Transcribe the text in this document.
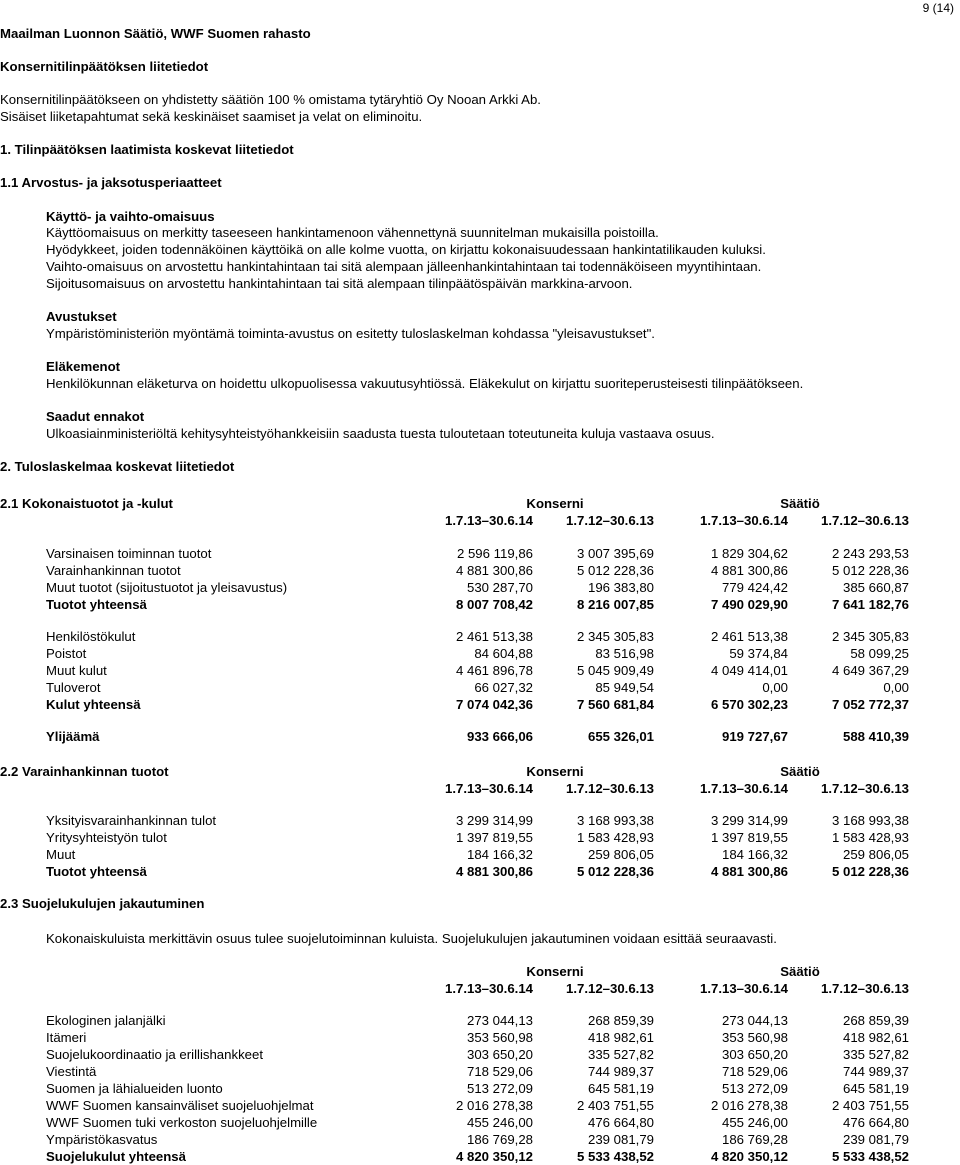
9 (14)
Maailman Luonnon Säätiö, WWF Suomen rahasto
Konsernitilinpäätöksen liitetiedot
Konsernitilinpäätökseen on yhdistetty säätiön 100 % omistama tytäryhtiö Oy Nooan Arkki Ab.
Sisäiset liiketapahtumat sekä keskinäiset saamiset ja velat on eliminoitu.
1. Tilinpäätöksen laatimista koskevat liitetiedot
1.1 Arvostus- ja jaksotusperiaatteet
Käyttö- ja vaihto-omaisuus
Käyttöomaisuus on merkitty taseeseen hankintamenoon vähennettynä suunnitelman mukaisilla poistoilla.
Hyödykkeet, joiden todennäköinen käyttöikä on alle kolme vuotta, on kirjattu kokonaisuudessaan hankintatilikauden kuluksi.
Vaihto-omaisuus on arvostettu hankintahintaan tai sitä alempaan jälleenhankintahintaan tai todennäköiseen myyntihintaan.
Sijoitusomaisuus on arvostettu hankintahintaan tai sitä alempaan tilinpäätöspäivän markkina-arvoon.
Avustukset
Ympäristöministeriön myöntämä toiminta-avustus on esitetty tuloslaskelman kohdassa "yleisavustukset".
Eläkemenot
Henkilökunnan eläketurva on hoidettu ulkopuolisessa vakuutusyhtiössä. Eläkekulut on kirjattu suoriteperusteisesti tilinpäätökseen.
Saadut ennakot
Ulkoasiainministeriöltä kehitysyhteistyöhankkeisiin saadusta tuesta tuloutetaan toteutuneita kuluja vastaava osuus.
2. Tuloslaskelmaa koskevat liitetiedot
2.1 Kokonaistuotot ja -kulut	Konserni	Säätiö
1.7.13–30.6.14	1.7.12–30.6.13	1.7.13–30.6.14	1.7.12–30.6.13
Varsinaisen toiminnan tuotot	2 596 119,86	3 007 395,69	1 829 304,62	2 243 293,53
Varainhankinnan tuotot	4 881 300,86	5 012 228,36	4 881 300,86	5 012 228,36
Muut tuotot (sijoitustuotot ja yleisavustus)	530 287,70	196 383,80	779 424,42	385 660,87
Tuotot yhteensä	8 007 708,42	8 216 007,85	7 490 029,90	7 641 182,76
Henkilöstökulut	2 461 513,38	2 345 305,83	2 461 513,38	2 345 305,83
Poistot	84 604,88	83 516,98	59 374,84	58 099,25
Muut kulut	4 461 896,78	5 045 909,49	4 049 414,01	4 649 367,29
Tuloverot	66 027,32	85 949,54	0,00	0,00
Kulut yhteensä	7 074 042,36	7 560 681,84	6 570 302,23	7 052 772,37
Ylijäämä	933 666,06	655 326,01	919 727,67	588 410,39
2.2 Varainhankinnan tuotot	Konserni	Säätiö
1.7.13–30.6.14	1.7.12–30.6.13	1.7.13–30.6.14	1.7.12–30.6.13
Yksityisvarainhankinnan tulot	3 299 314,99	3 168 993,38	3 299 314,99	3 168 993,38
Yritysyhteistyön tulot	1 397 819,55	1 583 428,93	1 397 819,55	1 583 428,93
Muut	184 166,32	259 806,05	184 166,32	259 806,05
Tuotot yhteensä	4 881 300,86	5 012 228,36	4 881 300,86	5 012 228,36
2.3 Suojelukulujen jakautuminen
Kokonaiskuluista merkittävin osuus tulee suojelutoiminnan kuluista. Suojelukulujen jakautuminen voidaan esittää seuraavasti.
Konserni	Säätiö
1.7.13–30.6.14	1.7.12–30.6.13	1.7.13–30.6.14	1.7.12–30.6.13
Ekologinen jalanjälki	273 044,13	268 859,39	273 044,13	268 859,39
Itämeri	353 560,98	418 982,61	353 560,98	418 982,61
Suojelukoordinaatio ja erillishankkeet	303 650,20	335 527,82	303 650,20	335 527,82
Viestintä	718 529,06	744 989,37	718 529,06	744 989,37
Suomen ja lähialueiden luonto	513 272,09	645 581,19	513 272,09	645 581,19
WWF Suomen kansainväliset suojeluohjelmat	2 016 278,38	2 403 751,55	2 016 278,38	2 403 751,55
WWF Suomen tuki verkoston suojeluohjelmille	455 246,00	476 664,80	455 246,00	476 664,80
Ympäristökasvatus	186 769,28	239 081,79	186 769,28	239 081,79
Suojelukulut yhteensä	4 820 350,12	5 533 438,52	4 820 350,12	5 533 438,52
